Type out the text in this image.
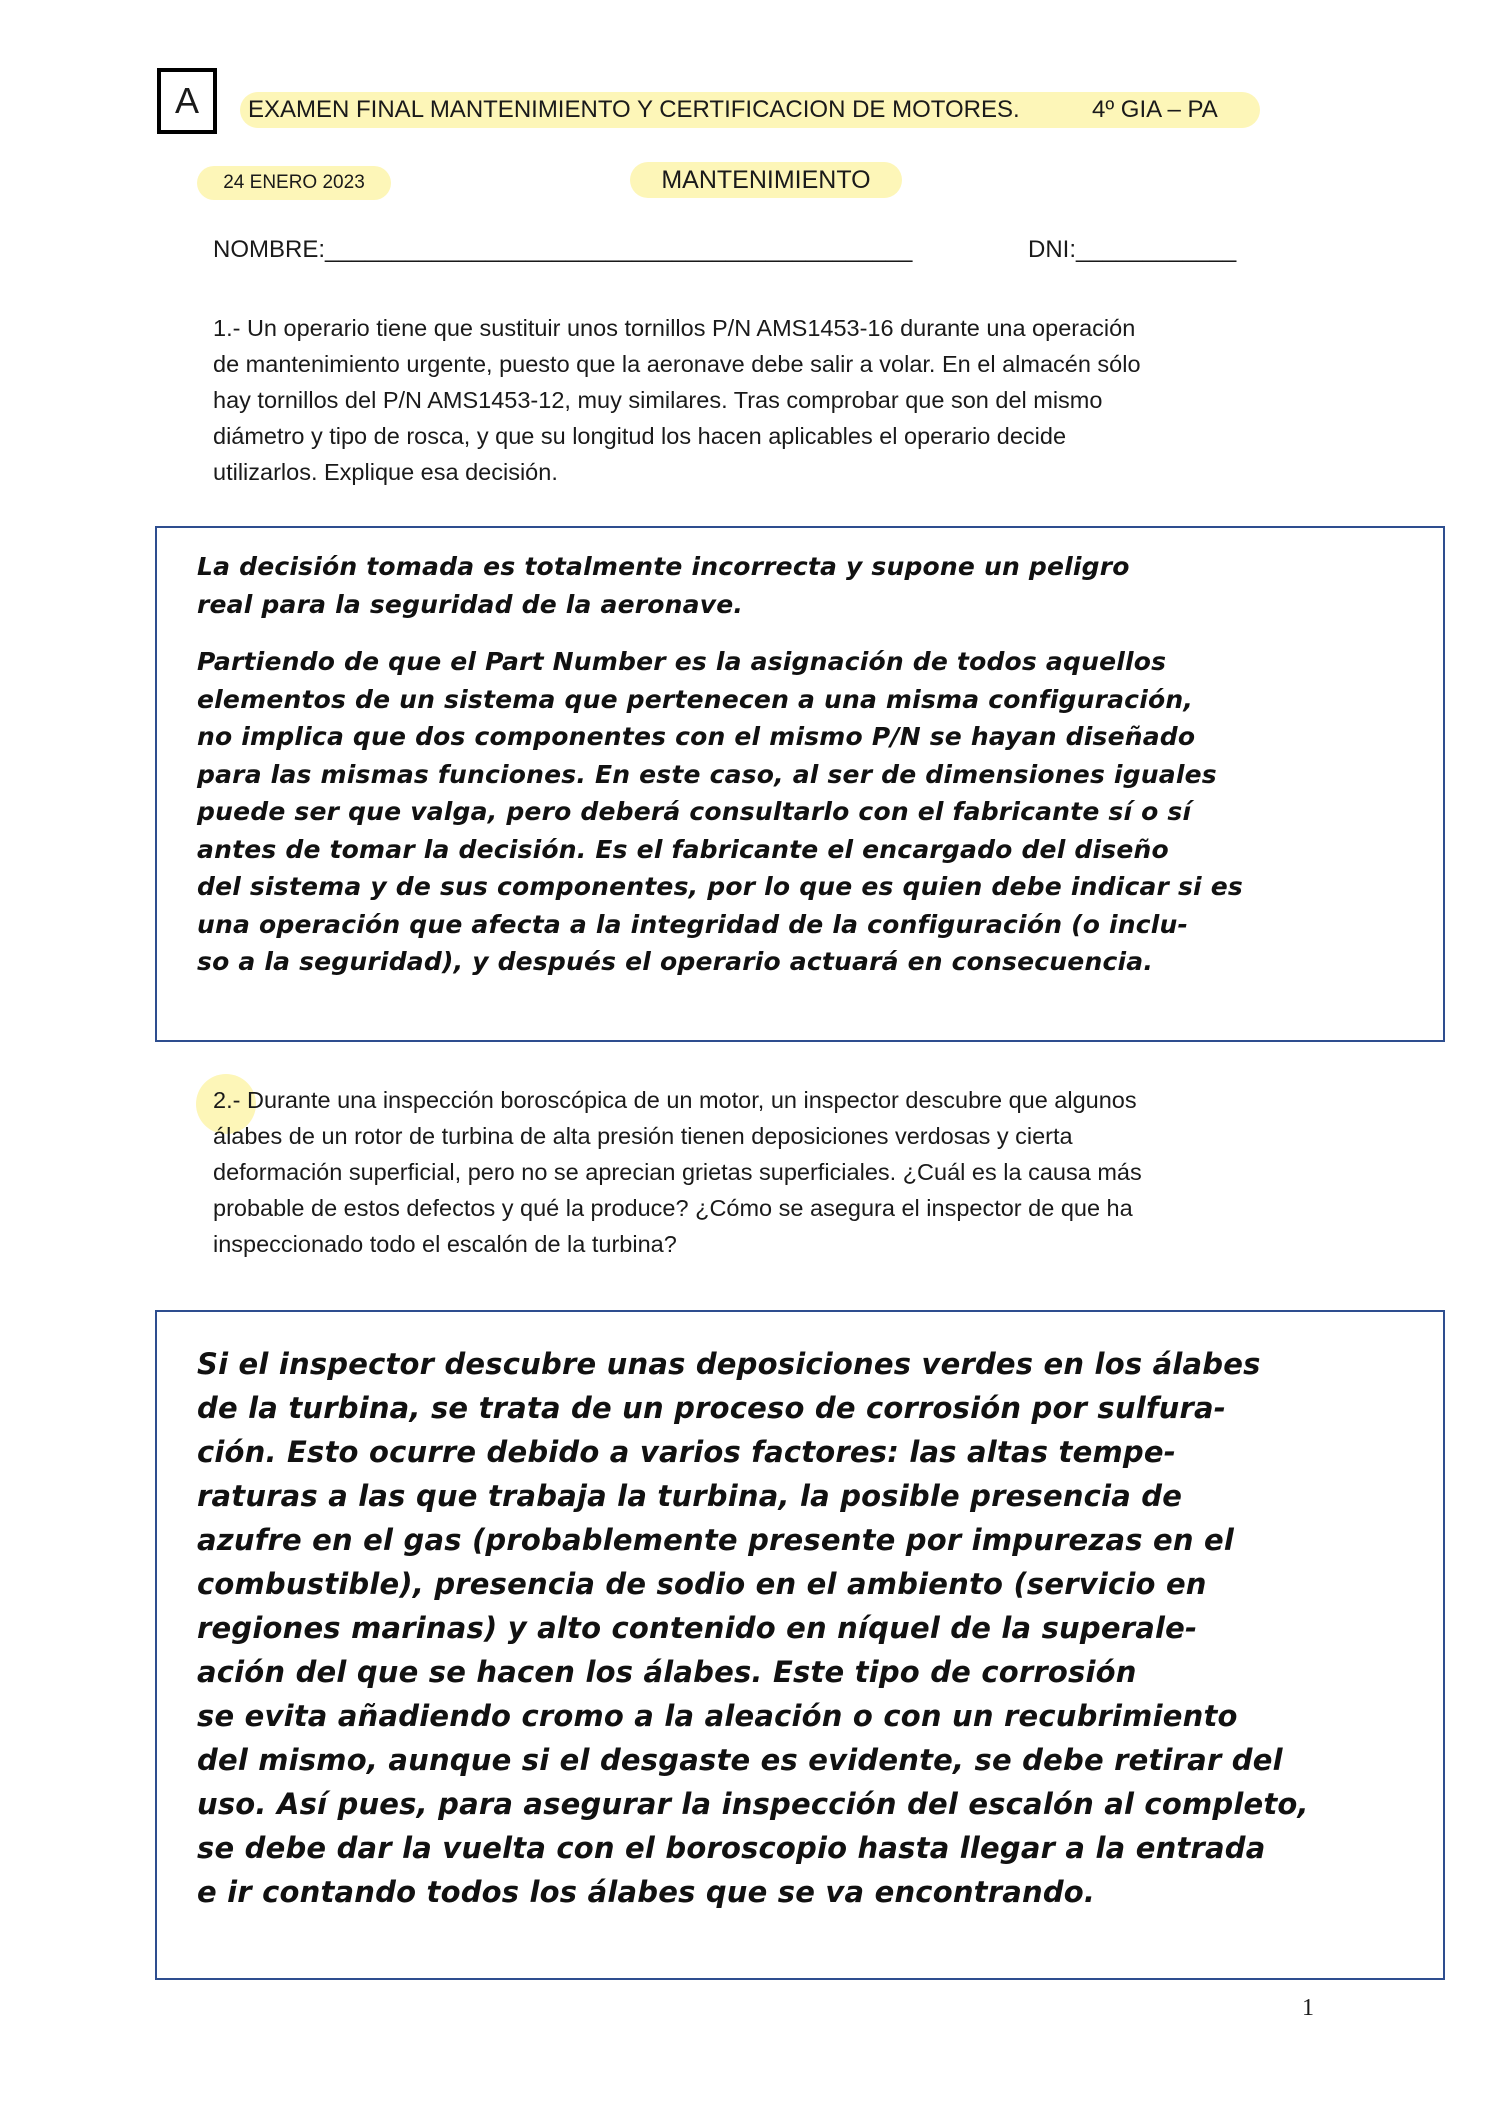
A	EXAMEN FINAL MANTENIMIENTO Y CERTIFICACION DE MOTORES.	4º GIA – PA
24 ENERO 2023	MANTENIMIENTO
NOMBRE:____________________________________________	DNI:____________
1.- Un operario tiene que sustituir unos tornillos P/N AMS1453-16 durante una operación
de mantenimiento urgente, puesto que la aeronave debe salir a volar. En el almacén sólo
hay tornillos del P/N AMS1453-12, muy similares. Tras comprobar que son del mismo
diámetro y tipo de rosca, y que su longitud los hacen aplicables el operario decide
utilizarlos. Explique esa decisión.
La decisión tomada es totalmente incorrecta y supone un peligro
real para la seguridad de la aeronave.
Partiendo de que el Part Number es la asignación de todos aquellos
elementos de un sistema que pertenecen a una misma configuración,
no implica que dos componentes con el mismo P/N se hayan diseñado
para las mismas funciones. En este caso, al ser de dimensiones iguales
puede ser que valga, pero deberá consultarlo con el fabricante sí o sí
antes de tomar la decisión. Es el fabricante el encargado del diseño
del sistema y de sus componentes, por lo que es quien debe indicar si es
una operación que afecta a la integridad de la configuración (o inclu-
so a la seguridad), y después el operario actuará en consecuencia.
2.- Durante una inspección boroscópica de un motor, un inspector descubre que algunos
álabes de un rotor de turbina de alta presión tienen deposiciones verdosas y cierta
deformación superficial, pero no se aprecian grietas superficiales. ¿Cuál es la causa más
probable de estos defectos y qué la produce? ¿Cómo se asegura el inspector de que ha
inspeccionado todo el escalón de la turbina?
Si el inspector descubre unas deposiciones verdes en los álabes
de la turbina, se trata de un proceso de corrosión por sulfura-
ción. Esto ocurre debido a varios factores: las altas tempe-
raturas a las que trabaja la turbina, la posible presencia de
azufre en el gas (probablemente presente por impurezas en el
combustible), presencia de sodio en el ambiento (servicio en
regiones marinas) y alto contenido en níquel de la superale-
ación del que se hacen los álabes. Este tipo de corrosión
se evita añadiendo cromo a la aleación o con un recubrimiento
del mismo, aunque si el desgaste es evidente, se debe retirar del
uso. Así pues, para asegurar la inspección del escalón al completo,
se debe dar la vuelta con el boroscopio hasta llegar a la entrada
e ir contando todos los álabes que se va encontrando.
1
